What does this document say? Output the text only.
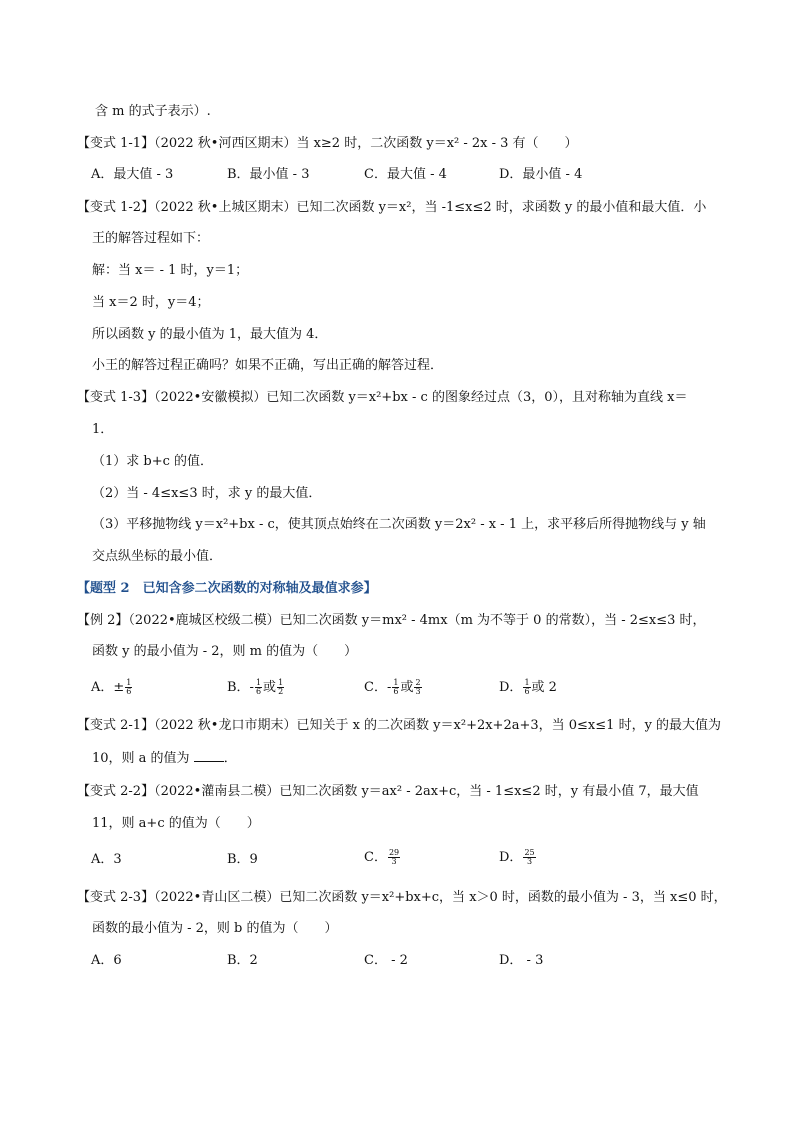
含 m 的式子表示）.
【变式 1-1】（2022 秋•河西区期末）当 x≥2 时，二次函数 y＝x² - 2x - 3 有（　　）
A．最大值 - 3	B．最小值 - 3	C．最大值 - 4	D．最小值 - 4
【变式 1-2】（2022 秋•上城区期末）已知二次函数 y＝x²，当 -1≤x≤2 时，求函数 y 的最小值和最大值．小
王的解答过程如下：
解：当 x＝ - 1 时，y＝1；
当 x＝2 时，y＝4；
所以函数 y 的最小值为 1，最大值为 4．
小王的解答过程正确吗？如果不正确，写出正确的解答过程．
【变式 1-3】（2022•安徽模拟）已知二次函数 y＝x²+bx - c 的图象经过点（3，0），且对称轴为直线 x＝
1．
（1）求 b+c 的值．
（2）当 - 4≤x≤3 时，求 y 的最大值．
（3）平移抛物线 y＝x²+bx - c，使其顶点始终在二次函数 y＝2x² - x - 1 上，求平移后所得抛物线与 y 轴
交点纵坐标的最小值．
【题型 2　已知含参二次函数的对称轴及最值求参】
【例 2】（2022•鹿城区校级二模）已知二次函数 y＝mx² - 4mx（m 为不等于 0 的常数），当 - 2≤x≤3 时，
函数 y 的最小值为 - 2，则 m 的值为（　　）
A．± $\frac{1}{6}$	B．- $\frac{1}{6}$ 或 $\frac{1}{2}$	C．- $\frac{1}{6}$ 或 $\frac{2}{3}$	D． $\frac{1}{6}$ 或 2
【变式 2-1】（2022 秋•龙口市期末）已知关于 x 的二次函数 y＝x²+2x+2a+3，当 0≤x≤1 时，y 的最大值为
10，则 a 的值为	．
【变式 2-2】（2022•灌南县二模）已知二次函数 y＝ax² - 2ax+c，当 - 1≤x≤2 时，y 有最小值 7，最大值
11，则 a+c 的值为（　　）
A．3	B．9	C． $\frac{29}{3}$	D． $\frac{25}{3}$
【变式 2-3】（2022•青山区二模）已知二次函数 y＝x²+bx+c，当 x＞0 时，函数的最小值为 - 3，当 x≤0 时，
函数的最小值为 - 2，则 b 的值为（　　）
A．6	B．2	C． - 2	D． - 3
